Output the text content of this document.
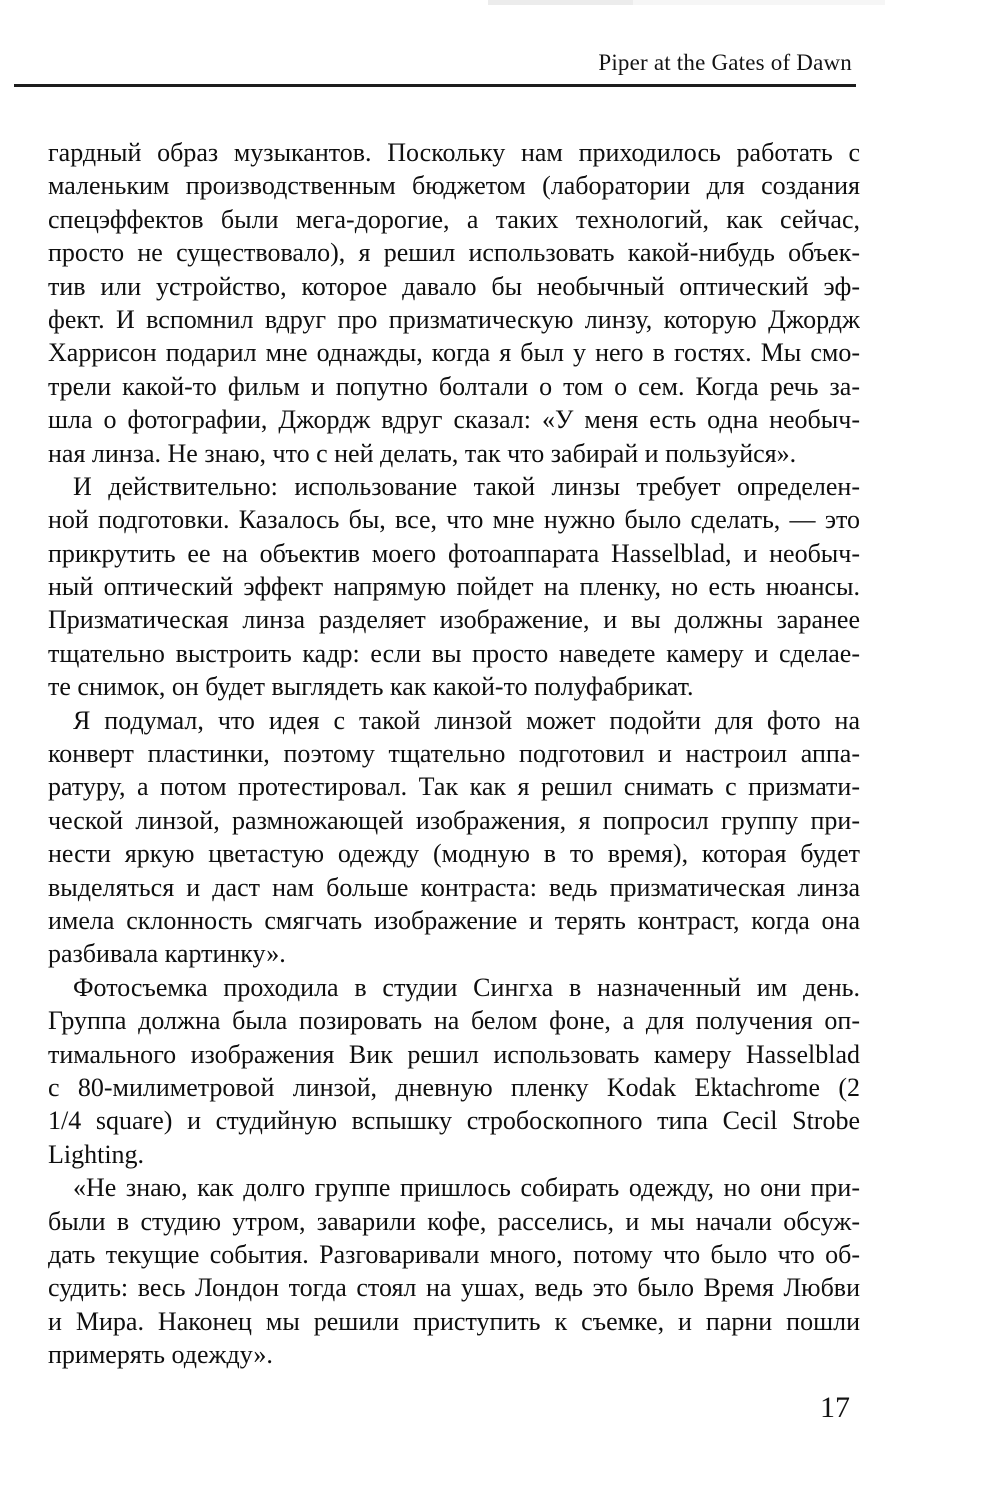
Piper at the Gates of Dawn
гардный образ музыкантов. Поскольку нам приходилось работать с
маленьким производственным бюджетом (лаборатории для создания
спецэффектов были мега-дорогие, а таких технологий, как сейчас,
просто не существовало), я решил использовать какой-нибудь объек-
тив или устройство, которое давало бы необычный оптический эф-
фект. И вспомнил вдруг про призматическую линзу, которую Джордж
Харрисон подарил мне однажды, когда я был у него в гостях. Мы смо-
трели какой-то фильм и попутно болтали о том о сем. Когда речь за-
шла о фотографии, Джордж вдруг сказал: «У меня есть одна необыч-
ная линза. Не знаю, что с ней делать, так что забирай и пользуйся».
И действительно: использование такой линзы требует определен-
ной подготовки. Казалось бы, все, что мне нужно было сделать, — это
прикрутить ее на объектив моего фотоаппарата Hasselblad, и необыч-
ный оптический эффект напрямую пойдет на пленку, но есть нюансы.
Призматическая линза разделяет изображение, и вы должны заранее
тщательно выстроить кадр: если вы просто наведете камеру и сделае-
те снимок, он будет выглядеть как какой-то полуфабрикат.
Я подумал, что идея с такой линзой может подойти для фото на
конверт пластинки, поэтому тщательно подготовил и настроил аппа-
ратуру, а потом протестировал. Так как я решил снимать с призмати-
ческой линзой, размножающей изображения, я попросил группу при-
нести яркую цветастую одежду (модную в то время), которая будет
выделяться и даст нам больше контраста: ведь призматическая линза
имела склонность смягчать изображение и терять контраст, когда она
разбивала картинку».
Фотосъемка проходила в студии Сингха в назначенный им день.
Группа должна была позировать на белом фоне, а для получения оп-
тимального изображения Вик решил использовать камеру Hasselblad
с 80-милиметровой линзой, дневную пленку Kodak Ektachrome (2
1/4 square) и студийную вспышку стробоскопного типа Cecil Strobe
Lighting.
«Не знаю, как долго группе пришлось собирать одежду, но они при-
были в студию утром, заварили кофе, расселись, и мы начали обсуж-
дать текущие события. Разговаривали много, потому что было что об-
судить: весь Лондон тогда стоял на ушах, ведь это было Время Любви
и Мира. Наконец мы решили приступить к съемке, и парни пошли
примерять одежду».
17
